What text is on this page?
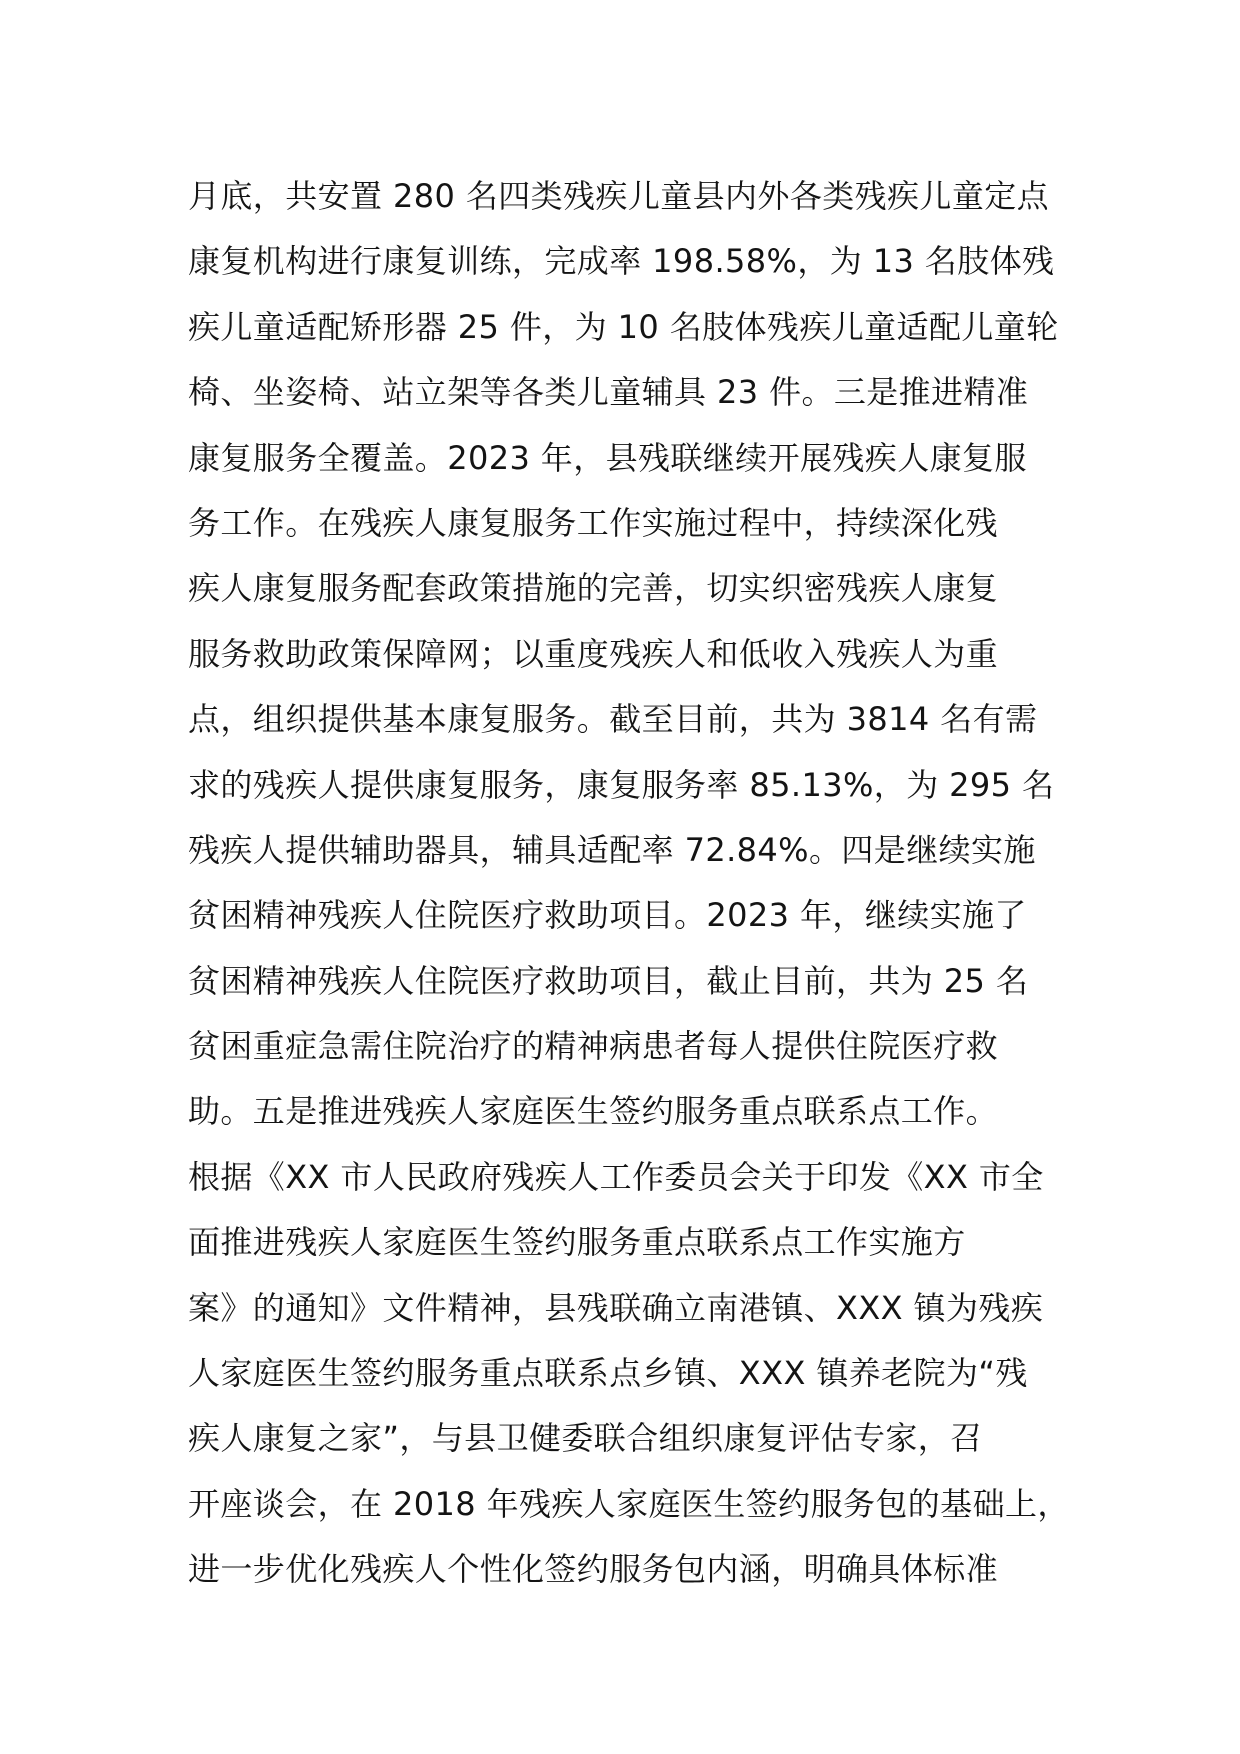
月底，共安置 280 名四类残疾儿童县内外各类残疾儿童定点
康复机构进行康复训练，完成率 198.58%，为 13 名肢体残
疾儿童适配矫形器 25 件，为 10 名肢体残疾儿童适配儿童轮
椅、坐姿椅、站立架等各类儿童辅具 23 件。三是推进精准
康复服务全覆盖。2023 年，县残联继续开展残疾人康复服
务工作。在残疾人康复服务工作实施过程中，持续深化残
疾人康复服务配套政策措施的完善，切实织密残疾人康复
服务救助政策保障网；以重度残疾人和低收入残疾人为重
点，组织提供基本康复服务。截至目前，共为 3814 名有需
求的残疾人提供康复服务，康复服务率 85.13%，为 295 名
残疾人提供辅助器具，辅具适配率 72.84%。四是继续实施
贫困精神残疾人住院医疗救助项目。2023 年，继续实施了
贫困精神残疾人住院医疗救助项目，截止目前，共为 25 名
贫困重症急需住院治疗的精神病患者每人提供住院医疗救
助。五是推进残疾人家庭医生签约服务重点联系点工作。
根据《XX 市人民政府残疾人工作委员会关于印发《XX 市全
面推进残疾人家庭医生签约服务重点联系点工作实施方
案》的通知》文件精神，县残联确立南港镇、XXX 镇为残疾
人家庭医生签约服务重点联系点乡镇、XXX 镇养老院为“残
疾人康复之家”，与县卫健委联合组织康复评估专家，召
开座谈会，在 2018 年残疾人家庭医生签约服务包的基础上，
进一步优化残疾人个性化签约服务包内涵，明确具体标准
